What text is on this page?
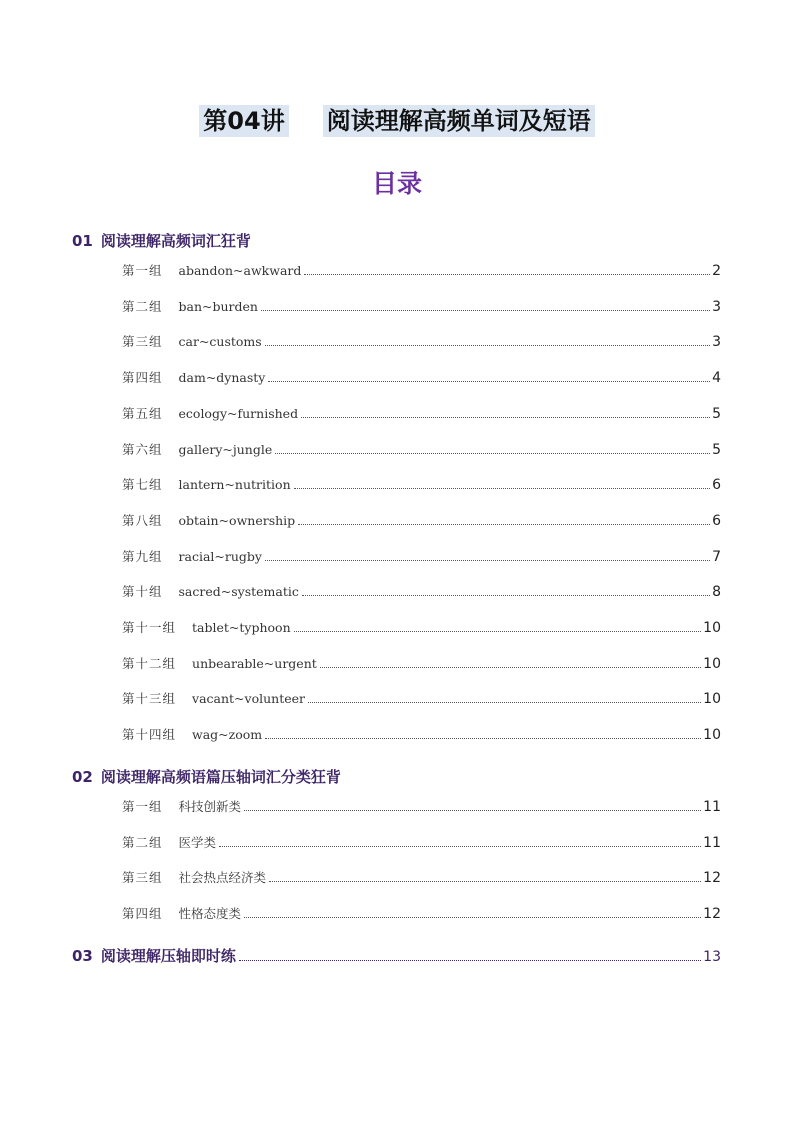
第04讲 阅读理解高频单词及短语
目录
01 阅读理解高频词汇狂背
第一组 abandon~awkward	2
第二组 ban~burden	3
第三组 car~customs	3
第四组 dam~dynasty	4
第五组 ecology~furnished	5
第六组 gallery~jungle	5
第七组 lantern~nutrition	6
第八组 obtain~ownership	6
第九组 racial~rugby	7
第十组 sacred~systematic	8
第十一组 tablet~typhoon	10
第十二组 unbearable~urgent	10
第十三组 vacant~volunteer	10
第十四组 wag~zoom	10
02 阅读理解高频语篇压轴词汇分类狂背
第一组 科技创新类	11
第二组 医学类	11
第三组 社会热点经济类	12
第四组 性格态度类	12
03 阅读理解压轴即时练	13
